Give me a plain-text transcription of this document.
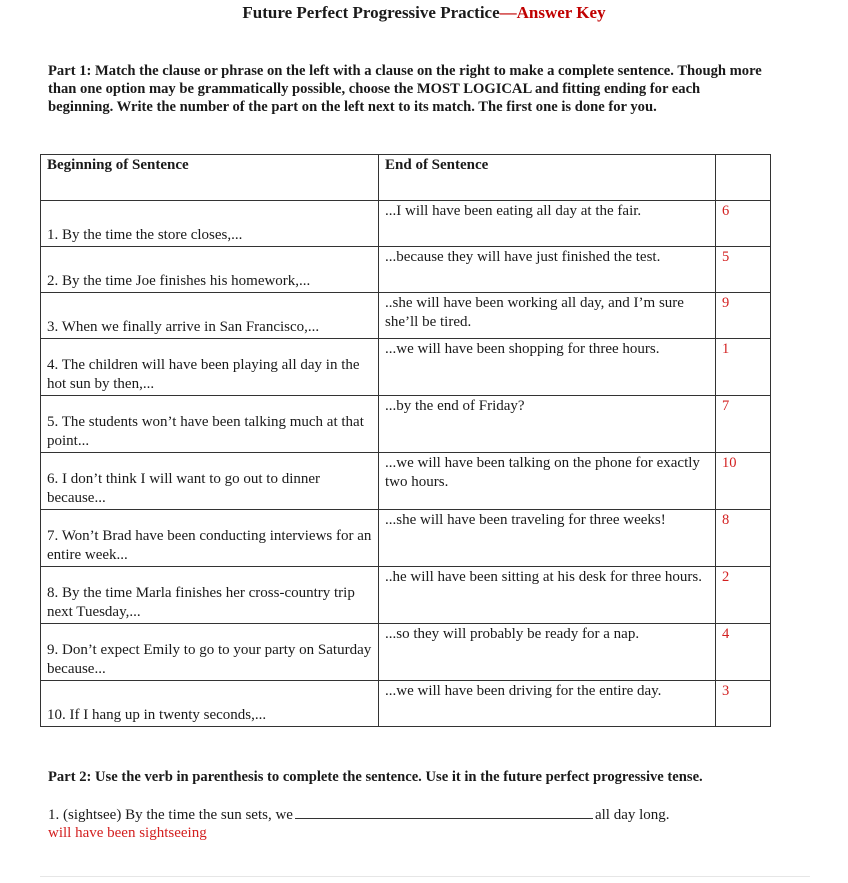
Future Perfect Progressive Practice—Answer Key
Part 1: Match the clause or phrase on the left with a clause on the right to make a complete sentence. Though more than one option may be grammatically possible, choose the MOST LOGICAL and fitting ending for each beginning. Write the number of the part on the left next to its match. The first one is done for you.
Beginning of Sentence	End of Sentence	
1. By the time the store closes,...	...I will have been eating all day at the fair.	6
2. By the time Joe finishes his homework,...	...because they will have just finished the test.	5
3. When we finally arrive in San Francisco,...	..she will have been working all day, and I’m sure she’ll be tired.	9
4. The children will have been playing all day in the hot sun by then,...	...we will have been shopping for three hours.	1
5. The students won’t have been talking much at that point...	...by the end of Friday?	7
6. I don’t think I will want to go out to dinner because...	...we will have been talking on the phone for exactly two hours.	10
7. Won’t Brad have been conducting interviews for an entire week...	...she will have been traveling for three weeks!	8
8. By the time Marla finishes her cross-country trip next Tuesday,...	..he will have been sitting at his desk for three hours.	2
9. Don’t expect Emily to go to your party on Saturday because...	...so they will probably be ready for a nap.	4
10. If I hang up in twenty seconds,...	...we will have been driving for the entire day.	3
Part 2: Use the verb in parenthesis to complete the sentence. Use it in the future perfect progressive tense.
1. (sightsee) By the time the sun sets, we	all day long.
will have been sightseeing
